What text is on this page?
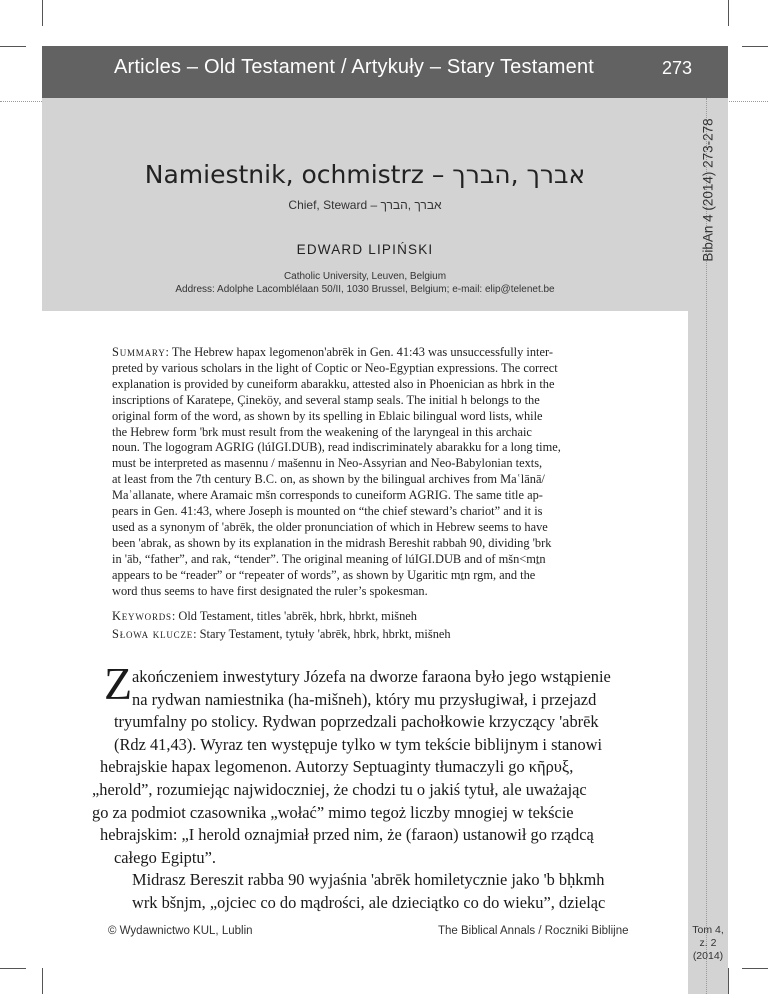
Articles – Old Testament / Artykuły – Stary Testament	273
BibAn 4 (2014) 273-278
Namiestnik, ochmistrz – אברך ,הברך
Chief, Steward – אברך ,הברך
EDWARD LIPIŃSKI
Catholic University, Leuven, Belgium
Address: Adolphe Lacomblélaan 50/II, 1030 Brussel, Belgium; e-mail: elip@telenet.be
Summary: The Hebrew hapax legomenon'abrēk in Gen. 41:43 was unsuccessfully inter-
preted by various scholars in the light of Coptic or Neo-Egyptian expressions. The correct
explanation is provided by cuneiform abarakku, attested also in Phoenician as hbrk in the
inscriptions of Karatepe, Çineköy, and several stamp seals. The initial h belongs to the
original form of the word, as shown by its spelling in Eblaic bilingual word lists, while
the Hebrew form 'brk must result from the weakening of the laryngeal in this archaic
noun. The logogram AGRIG (lúIGI.DUB), read indiscriminately abarakku for a long time,
must be interpreted as masennu / mašennu in Neo-Assyrian and Neo-Babylonian texts,
at least from the 7th century B.C. on, as shown by the bilingual archives from Maʿlānā/
Maʾallanate, where Aramaic mšn corresponds to cuneiform AGRIG. The same title ap-
pears in Gen. 41:43, where Joseph is mounted on “the chief steward’s chariot” and it is
used as a synonym of 'abrēk, the older pronunciation of which in Hebrew seems to have
been 'abrak, as shown by its explanation in the midrash Bereshit rabbah 90, dividing 'brk
in 'āb, “father”, and rak, “tender”. The original meaning of lúIGI.DUB and of mšn<mṯn
appears to be “reader” or “repeater of words”, as shown by Ugaritic mṯn rgm, and the
word thus seems to have first designated the ruler’s spokesman.
Keywords: Old Testament, titles 'abrēk, hbrk, hbrkt, mišneh
Słowa klucze: Stary Testament, tytuły 'abrēk, hbrk, hbrkt, mišneh
Z akończeniem inwestytury Józefa na dworze faraona było jego wstąpienie
na rydwan namiestnika (ha-mišneh), który mu przysługiwał, i przejazd
tryumfalny po stolicy. Rydwan poprzedzali pachołkowie krzyczący 'abrēk
(Rdz 41,43). Wyraz ten występuje tylko w tym tekście biblijnym i stanowi
hebrajskie hapax legomenon. Autorzy Septuaginty tłumaczyli go κῆρυξ,
„herold”, rozumiejąc najwidoczniej, że chodzi tu o jakiś tytuł, ale uważając
go za podmiot czasownika „wołać” mimo tegoż liczby mnogiej w tekście
hebrajskim: „I herold oznajmiał przed nim, że (faraon) ustanowił go rządcą
całego Egiptu”.
Midrasz Bereszit rabba 90 wyjaśnia 'abrēk homiletycznie jako 'b bḥkmh
wrk bšnjm, „ojciec co do mądrości, ale dzieciątko co do wieku”, dzieląc
© Wydawnictwo KUL, Lublin	The Biblical Annals / Roczniki Biblijne	Tom 4,
z. 2
(2014)
